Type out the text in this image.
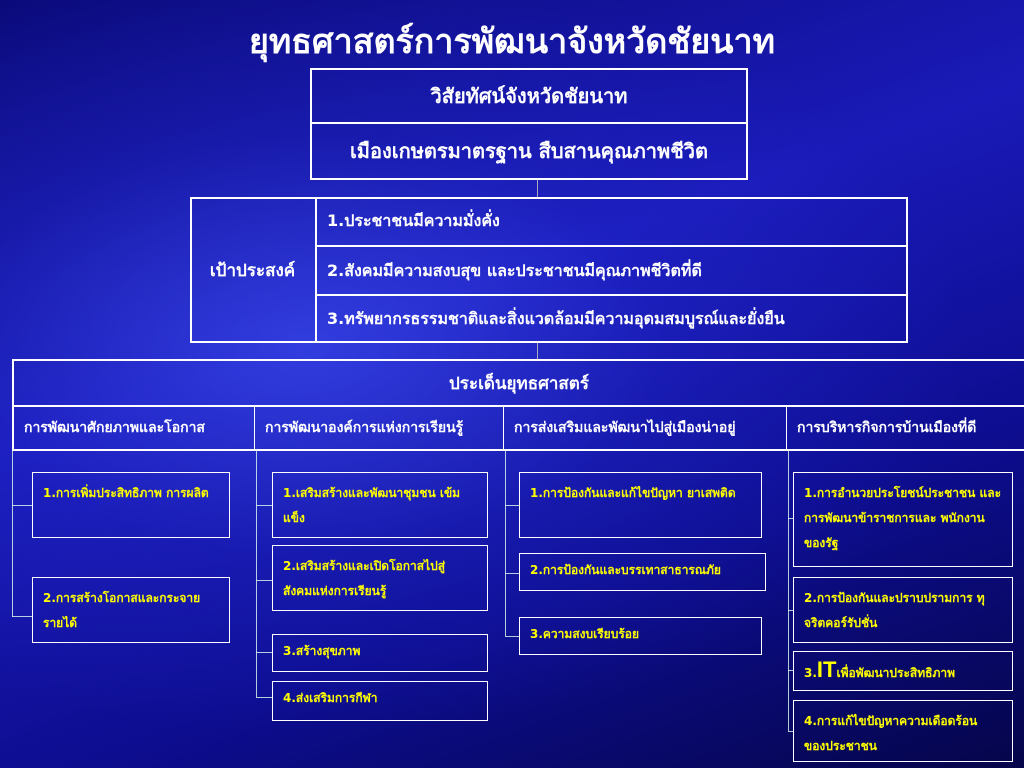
ยุทธศาสตร์การพัฒนาจังหวัดชัยนาท
วิสัยทัศน์จังหวัดชัยนาท
เมืองเกษตรมาตรฐาน สืบสานคุณภาพชีวิต
เป้าประสงค์
1.ประชาชนมีความมั่งคั่ง
2.สังคมมีความสงบสุข และประชาชนมีคุณภาพชีวิตที่ดี
3.ทรัพยากรธรรมชาติและสิ่งแวดล้อมมีความอุดมสมบูรณ์และยั่งยืน
ประเด็นยุทธศาสตร์
การพัฒนาศักยภาพและโอกาส	การพัฒนาองค์การแห่งการเรียนรู้	การส่งเสริมและพัฒนาไปสู่เมืองน่าอยู่	การบริหารกิจการบ้านเมืองที่ดี
1.การเพิ่มประสิทธิภาพ การผลิต
2.การสร้างโอกาสและกระจาย รายได้
1.เสริมสร้างและพัฒนาชุมชน เข้มแข็ง
2.เสริมสร้างและเปิดโอกาสไปสู่ สังคมแห่งการเรียนรู้
3.สร้างสุขภาพ
4.ส่งเสริมการกีฬา
1.การป้องกันและแก้ไขปัญหา ยาเสพติด
2.การป้องกันและบรรเทาสาธารณภัย
3.ความสงบเรียบร้อย
1.การอำนวยประโยชน์ประชาชน และการพัฒนาข้าราชการและ พนักงานของรัฐ
2.การป้องกันและปราบปรามการ ทุจริตคอร์รัปชั่น
3.ITเพื่อพัฒนาประสิทธิภาพ
4.การแก้ไขปัญหาความเดือดร้อน ของประชาชน
